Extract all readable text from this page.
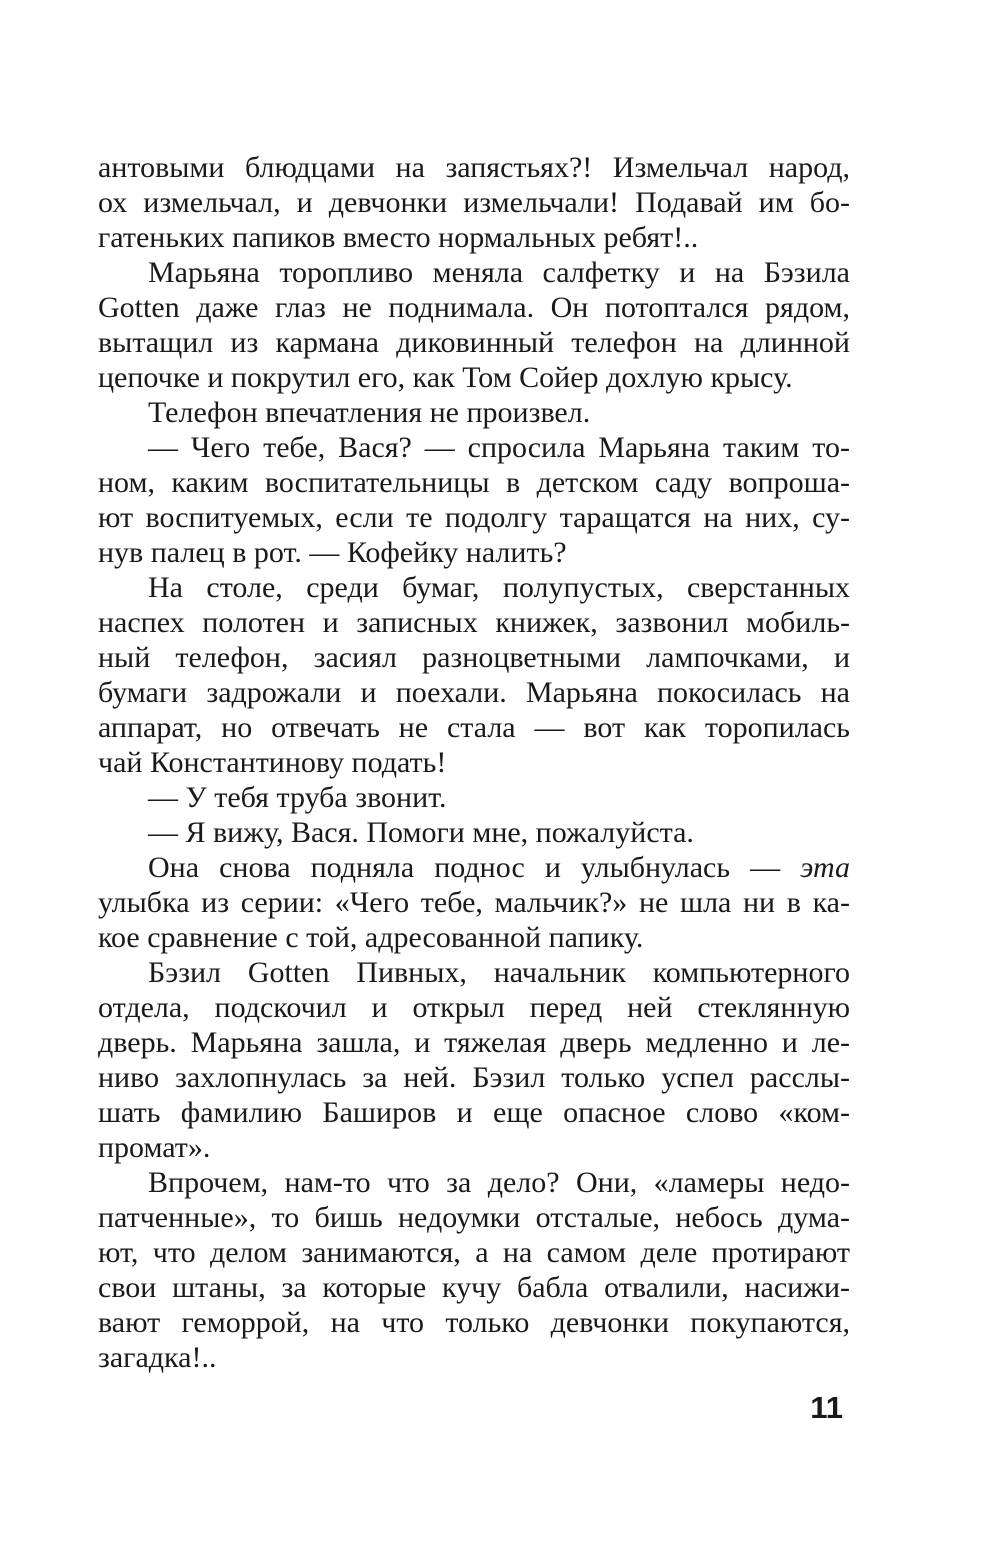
антовыми блюдцами на запястьях?! Измельчал народ,
ох измельчал, и девчонки измельчали! Подавай им бо-
гатеньких папиков вместо нормальных ребят!..
Марьяна торопливо меняла салфетку и на Бэзила
Gotten даже глаз не поднимала. Он потоптался рядом,
вытащил из кармана диковинный телефон на длинной
цепочке и покрутил его, как Том Сойер дохлую крысу.
Телефон впечатления не произвел.
— Чего тебе, Вася? — спросила Марьяна таким то-
ном, каким воспитательницы в детском саду вопроша-
ют воспитуемых, если те подолгу таращатся на них, су-
нув палец в рот. — Кофейку налить?
На столе, среди бумаг, полупустых, сверстанных
наспех полотен и записных книжек, зазвонил мобиль-
ный телефон, засиял разноцветными лампочками, и
бумаги задрожали и поехали. Марьяна покосилась на
аппарат, но отвечать не стала — вот как торопилась
чай Константинову подать!
— У тебя труба звонит.
— Я вижу, Вася. Помоги мне, пожалуйста.
Она снова подняла поднос и улыбнулась — эта
улыбка из серии: «Чего тебе, мальчик?» не шла ни в ка-
кое сравнение с той, адресованной папику.
Бэзил Gotten Пивных, начальник компьютерного
отдела, подскочил и открыл перед ней стеклянную
дверь. Марьяна зашла, и тяжелая дверь медленно и ле-
ниво захлопнулась за ней. Бэзил только успел расслы-
шать фамилию Баширов и еще опасное слово «ком-
промат».
Впрочем, нам-то что за дело? Они, «ламеры недо-
патченные», то бишь недоумки отсталые, небось дума-
ют, что делом занимаются, а на самом деле протирают
свои штаны, за которые кучу бабла отвалили, насижи-
вают геморрой, на что только девчонки покупаются,
загадка!..
11
